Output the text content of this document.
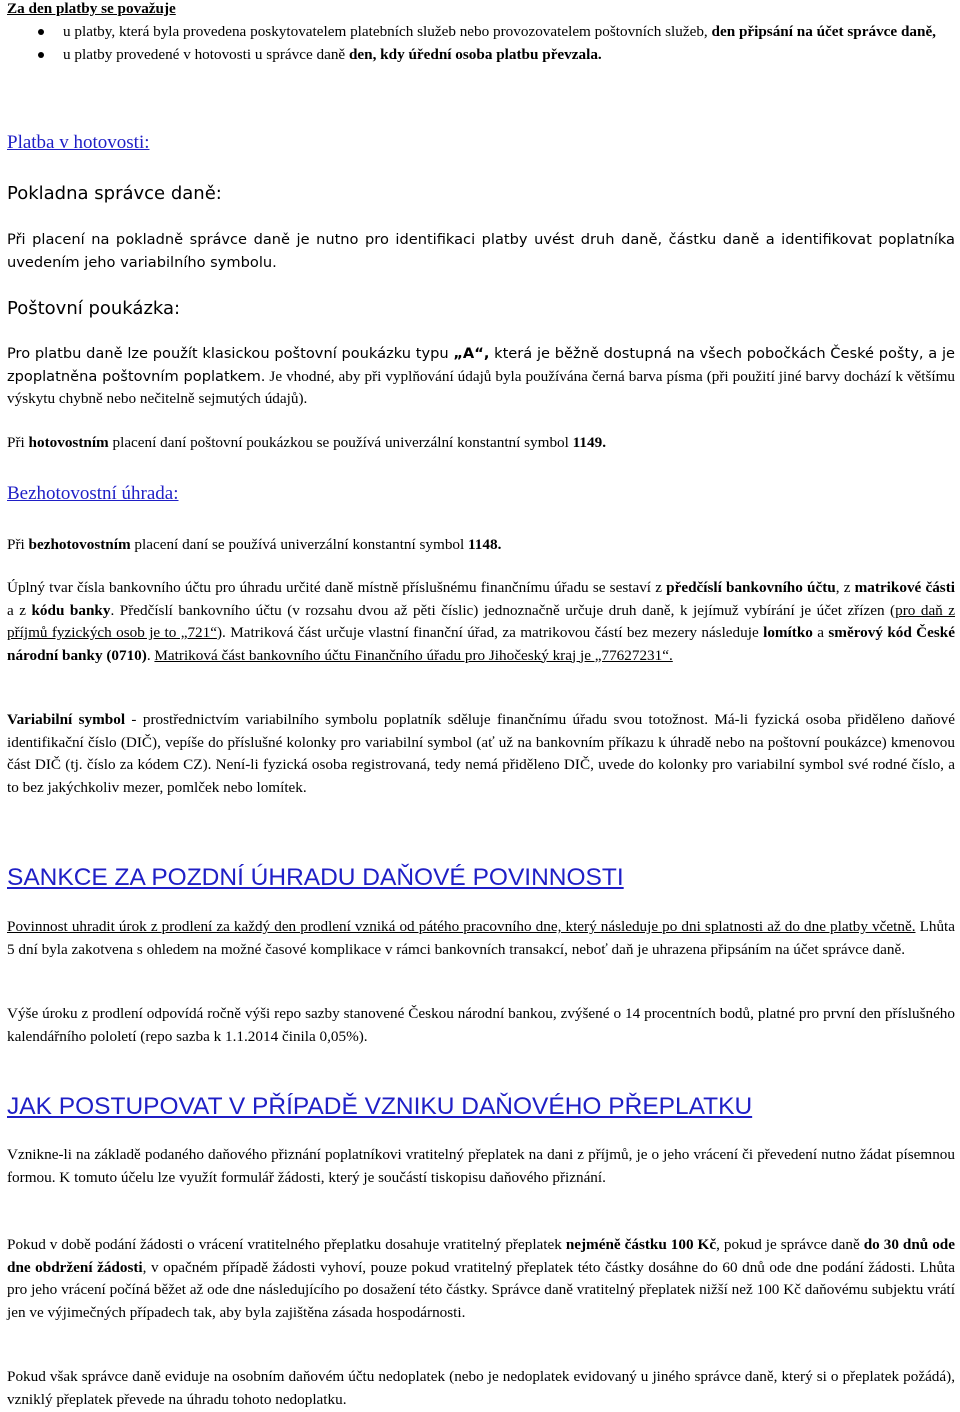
Za den platby se považuje

u platby, která byla provedena poskytovatelem platebních služeb nebo provozovatelem poštovních služeb, den připsání na účet správce daně,
u platby provedené v hotovosti u správce daně den, kdy úřední osoba platbu převzala.

Platba v hotovosti:

Pokladna správce daně:

Při placení na pokladně správce daně je nutno pro identifikaci platby uvést druh daně, částku daně a identifikovat poplatníka uvedením jeho variabilního symbolu.

Poštovní poukázka:

Pro platbu daně lze použít klasickou poštovní poukázku typu „A“, která je běžně dostupná na všech pobočkách České pošty, a je zpoplatněna poštovním poplatkem. Je vhodné, aby při vyplňování údajů byla používána černá barva písma (při použití jiné barvy dochází k většímu výskytu chybně nebo nečitelně sejmutých údajů).

Při hotovostním placení daní poštovní poukázkou se používá univerzální konstantní symbol 1149.

Bezhotovostní úhrada:

Při bezhotovostním placení daní se používá univerzální konstantní symbol 1148.

Úplný tvar čísla bankovního účtu pro úhradu určité daně místně příslušnému finančnímu úřadu se sestaví z předčíslí bankovního účtu, z matrikové části a z kódu banky. Předčíslí bankovního účtu (v rozsahu dvou až pěti číslic) jednoznačně určuje druh daně, k jejímuž vybírání je účet zřízen (pro daň z příjmů fyzických osob je to „721“). Matriková část určuje vlastní finanční úřad, za matrikovou částí bez mezery následuje lomítko a směrový kód České národní banky (0710). Matriková část bankovního účtu Finančního úřadu pro Jihočeský kraj je „77627231“.

Variabilní symbol - prostřednictvím variabilního symbolu poplatník sděluje finančnímu úřadu svou totožnost. Má-li fyzická osoba přiděleno daňové identifikační číslo (DIČ), vepíše do příslušné kolonky pro variabilní symbol (ať už na bankovním příkazu k úhradě nebo na poštovní poukázce) kmenovou část DIČ (tj. číslo za kódem CZ). Není-li fyzická osoba registrovaná, tedy nemá přiděleno DIČ, uvede do kolonky pro variabilní symbol své rodné číslo, a to bez jakýchkoliv mezer, pomlček nebo lomítek.

SANKCE ZA POZDNÍ ÚHRADU DAŇOVÉ POVINNOSTI

Povinnost uhradit úrok z prodlení za každý den prodlení vzniká od pátého pracovního dne, který následuje po dni splatnosti až do dne platby včetně. Lhůta 5 dní byla zakotvena s ohledem na možné časové komplikace v rámci bankovních transakcí, neboť daň je uhrazena připsáním na účet správce daně.

Výše úroku z prodlení odpovídá ročně výši repo sazby stanovené Českou národní bankou, zvýšené o 14 procentních bodů, platné pro první den příslušného kalendářního pololetí (repo sazba k 1.1.2014 činila 0,05%).

JAK POSTUPOVAT V PŘÍPADĚ VZNIKU DAŇOVÉHO PŘEPLATKU

Vznikne-li na základě podaného daňového přiznání poplatníkovi vratitelný přeplatek na dani z příjmů, je o jeho vrácení či převedení nutno žádat písemnou formou. K tomuto účelu lze využít formulář žádosti, který je součástí tiskopisu daňového přiznání.

Pokud v době podání žádosti o vrácení vratitelného přeplatku dosahuje vratitelný přeplatek nejméně částku 100 Kč, pokud je správce daně do 30 dnů ode dne obdržení žádosti, v opačném případě žádosti vyhoví, pouze pokud vratitelný přeplatek této částky dosáhne do 60 dnů ode dne podání žádosti. Lhůta pro jeho vrácení počíná běžet až ode dne následujícího po dosažení této částky. Správce daně vratitelný přeplatek nižší než 100 Kč daňovému subjektu vrátí jen ve výjimečných případech tak, aby byla zajištěna zásada hospodárnosti.

Pokud však správce daně eviduje na osobním daňovém účtu nedoplatek (nebo je nedoplatek evidovaný u jiného správce daně, který si o přeplatek požádá), vzniklý přeplatek převede na úhradu tohoto nedoplatku.
